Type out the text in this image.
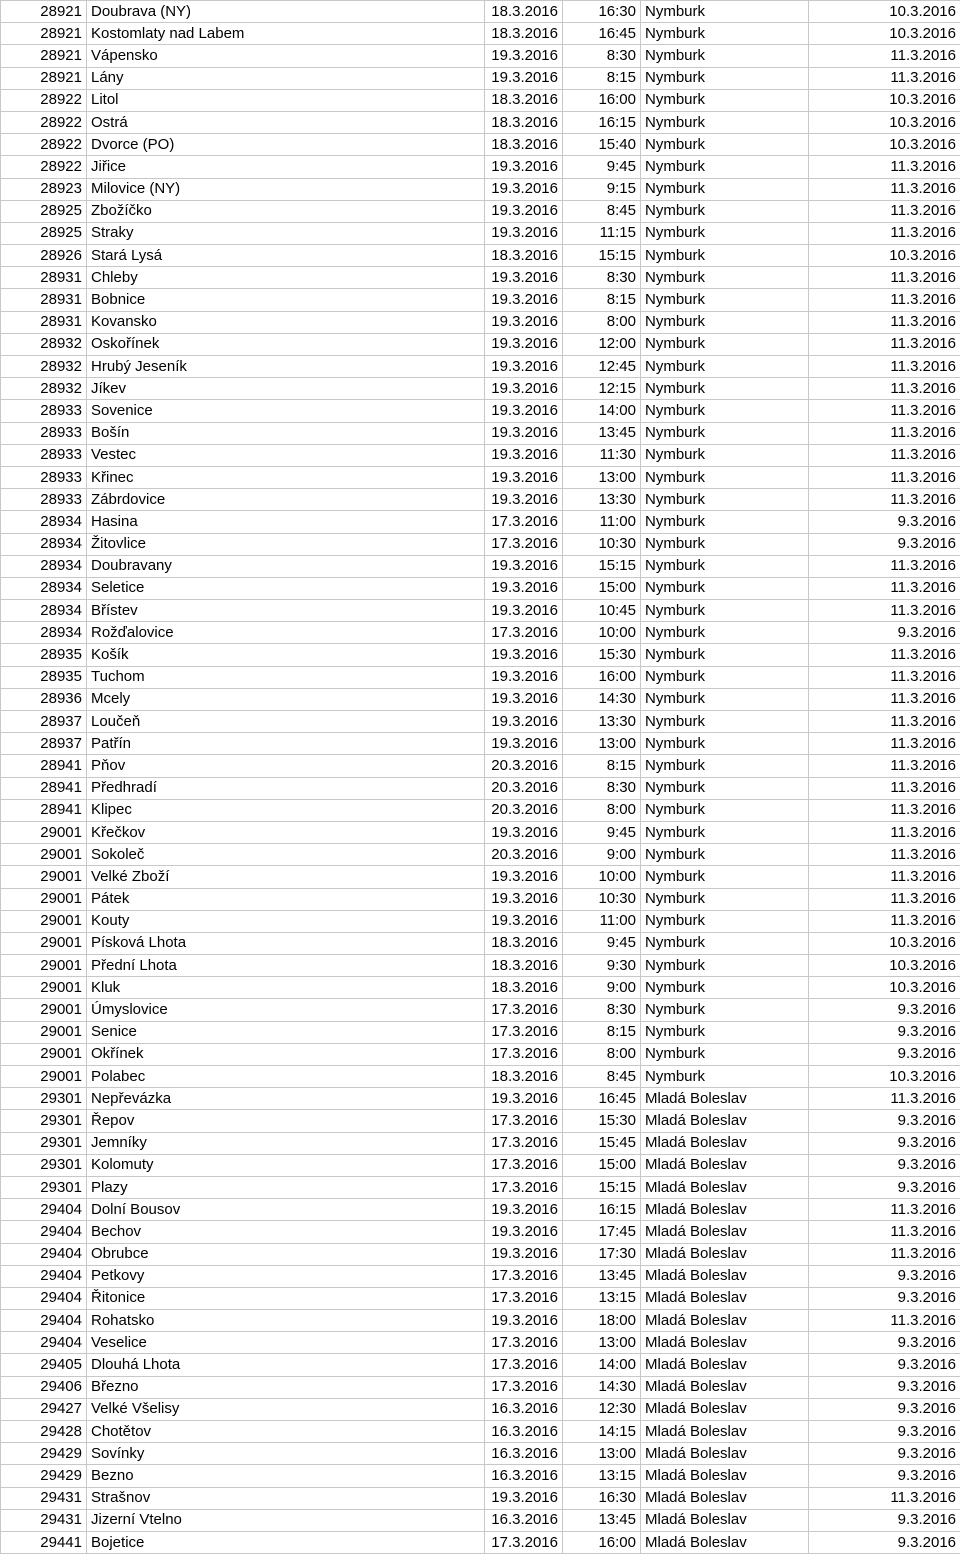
28921	Doubrava (NY)	18.3.2016	16:30	Nymburk	10.3.2016
28921	Kostomlaty nad Labem	18.3.2016	16:45	Nymburk	10.3.2016
28921	Vápensko	19.3.2016	8:30	Nymburk	11.3.2016
28921	Lány	19.3.2016	8:15	Nymburk	11.3.2016
28922	Litol	18.3.2016	16:00	Nymburk	10.3.2016
28922	Ostrá	18.3.2016	16:15	Nymburk	10.3.2016
28922	Dvorce (PO)	18.3.2016	15:40	Nymburk	10.3.2016
28922	Jiřice	19.3.2016	9:45	Nymburk	11.3.2016
28923	Milovice (NY)	19.3.2016	9:15	Nymburk	11.3.2016
28925	Zbožíčko	19.3.2016	8:45	Nymburk	11.3.2016
28925	Straky	19.3.2016	11:15	Nymburk	11.3.2016
28926	Stará Lysá	18.3.2016	15:15	Nymburk	10.3.2016
28931	Chleby	19.3.2016	8:30	Nymburk	11.3.2016
28931	Bobnice	19.3.2016	8:15	Nymburk	11.3.2016
28931	Kovansko	19.3.2016	8:00	Nymburk	11.3.2016
28932	Oskořínek	19.3.2016	12:00	Nymburk	11.3.2016
28932	Hrubý Jeseník	19.3.2016	12:45	Nymburk	11.3.2016
28932	Jíkev	19.3.2016	12:15	Nymburk	11.3.2016
28933	Sovenice	19.3.2016	14:00	Nymburk	11.3.2016
28933	Bošín	19.3.2016	13:45	Nymburk	11.3.2016
28933	Vestec	19.3.2016	11:30	Nymburk	11.3.2016
28933	Křinec	19.3.2016	13:00	Nymburk	11.3.2016
28933	Zábrdovice	19.3.2016	13:30	Nymburk	11.3.2016
28934	Hasina	17.3.2016	11:00	Nymburk	9.3.2016
28934	Žitovlice	17.3.2016	10:30	Nymburk	9.3.2016
28934	Doubravany	19.3.2016	15:15	Nymburk	11.3.2016
28934	Seletice	19.3.2016	15:00	Nymburk	11.3.2016
28934	Břístev	19.3.2016	10:45	Nymburk	11.3.2016
28934	Rožďalovice	17.3.2016	10:00	Nymburk	9.3.2016
28935	Košík	19.3.2016	15:30	Nymburk	11.3.2016
28935	Tuchom	19.3.2016	16:00	Nymburk	11.3.2016
28936	Mcely	19.3.2016	14:30	Nymburk	11.3.2016
28937	Loučeň	19.3.2016	13:30	Nymburk	11.3.2016
28937	Patřín	19.3.2016	13:00	Nymburk	11.3.2016
28941	Pňov	20.3.2016	8:15	Nymburk	11.3.2016
28941	Předhradí	20.3.2016	8:30	Nymburk	11.3.2016
28941	Klipec	20.3.2016	8:00	Nymburk	11.3.2016
29001	Křečkov	19.3.2016	9:45	Nymburk	11.3.2016
29001	Sokoleč	20.3.2016	9:00	Nymburk	11.3.2016
29001	Velké Zboží	19.3.2016	10:00	Nymburk	11.3.2016
29001	Pátek	19.3.2016	10:30	Nymburk	11.3.2016
29001	Kouty	19.3.2016	11:00	Nymburk	11.3.2016
29001	Písková Lhota	18.3.2016	9:45	Nymburk	10.3.2016
29001	Přední Lhota	18.3.2016	9:30	Nymburk	10.3.2016
29001	Kluk	18.3.2016	9:00	Nymburk	10.3.2016
29001	Úmyslovice	17.3.2016	8:30	Nymburk	9.3.2016
29001	Senice	17.3.2016	8:15	Nymburk	9.3.2016
29001	Okřínek	17.3.2016	8:00	Nymburk	9.3.2016
29001	Polabec	18.3.2016	8:45	Nymburk	10.3.2016
29301	Nepřevázka	19.3.2016	16:45	Mladá Boleslav	11.3.2016
29301	Řepov	17.3.2016	15:30	Mladá Boleslav	9.3.2016
29301	Jemníky	17.3.2016	15:45	Mladá Boleslav	9.3.2016
29301	Kolomuty	17.3.2016	15:00	Mladá Boleslav	9.3.2016
29301	Plazy	17.3.2016	15:15	Mladá Boleslav	9.3.2016
29404	Dolní Bousov	19.3.2016	16:15	Mladá Boleslav	11.3.2016
29404	Bechov	19.3.2016	17:45	Mladá Boleslav	11.3.2016
29404	Obrubce	19.3.2016	17:30	Mladá Boleslav	11.3.2016
29404	Petkovy	17.3.2016	13:45	Mladá Boleslav	9.3.2016
29404	Řitonice	17.3.2016	13:15	Mladá Boleslav	9.3.2016
29404	Rohatsko	19.3.2016	18:00	Mladá Boleslav	11.3.2016
29404	Veselice	17.3.2016	13:00	Mladá Boleslav	9.3.2016
29405	Dlouhá Lhota	17.3.2016	14:00	Mladá Boleslav	9.3.2016
29406	Březno	17.3.2016	14:30	Mladá Boleslav	9.3.2016
29427	Velké Všelisy	16.3.2016	12:30	Mladá Boleslav	9.3.2016
29428	Chotětov	16.3.2016	14:15	Mladá Boleslav	9.3.2016
29429	Sovínky	16.3.2016	13:00	Mladá Boleslav	9.3.2016
29429	Bezno	16.3.2016	13:15	Mladá Boleslav	9.3.2016
29431	Strašnov	19.3.2016	16:30	Mladá Boleslav	11.3.2016
29431	Jizerní Vtelno	16.3.2016	13:45	Mladá Boleslav	9.3.2016
29441	Bojetice	17.3.2016	16:00	Mladá Boleslav	9.3.2016
